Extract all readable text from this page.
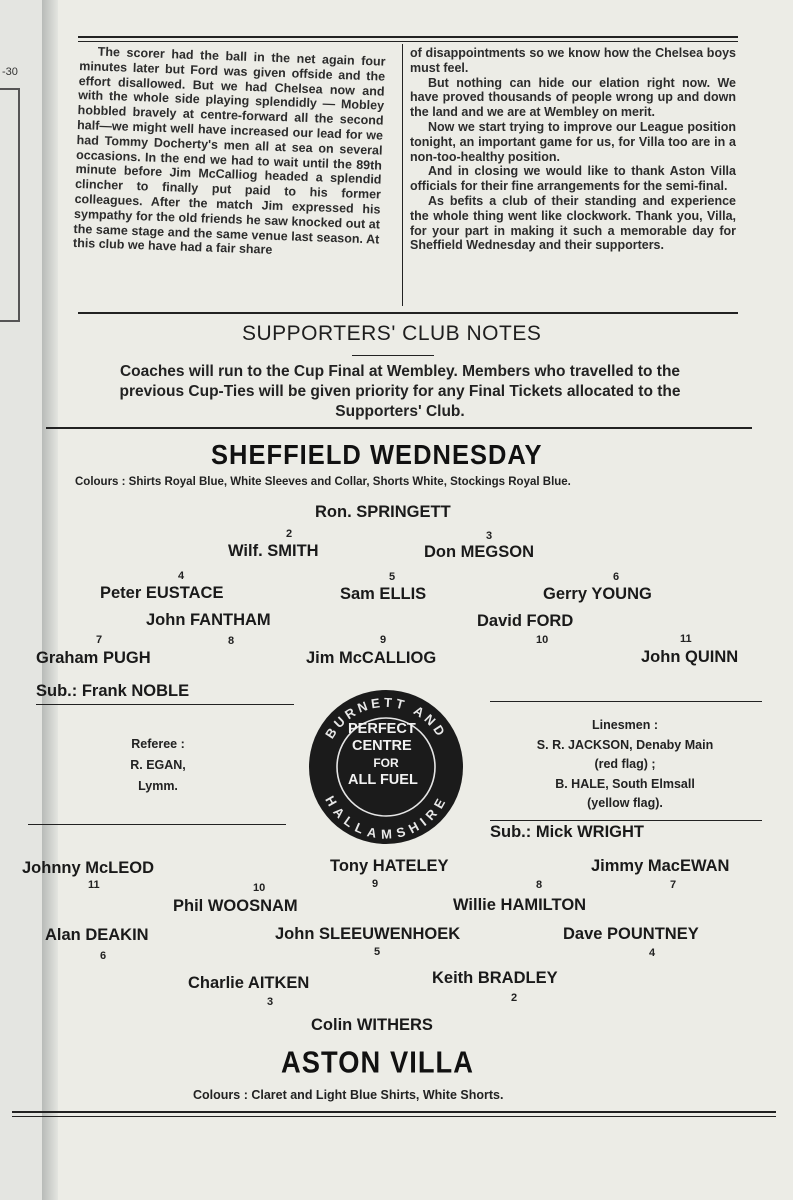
-30

The scorer had the ball in the net again four minutes later but Ford was given offside and the effort disallowed. But we had Chelsea now and with the whole side playing splendidly — Mobley hobbled bravely at centre-forward all the second half—we might well have increased our lead for we had Tommy Docherty's men all at sea on several occasions. In the end we had to wait until the 89th minute before Jim McCalliog headed a splendid clincher to finally put paid to his former colleagues. After the match Jim expressed his sympathy for the old friends he saw knocked out at the same stage and the same venue last season. At this club we have had a fair share

of disappointments so we know how the Chelsea boys must feel.

But nothing can hide our elation right now. We have proved thousands of people wrong up and down the land and we are at Wembley on merit.

Now we start trying to improve our League position tonight, an important game for us, for Villa too are in a non-too-healthy position.

And in closing we would like to thank Aston Villa officials for their fine arrangements for the semi-final.

As befits a club of their standing and experience the whole thing went like clockwork. Thank you, Villa, for your part in making it such a memorable day for Sheffield Wednesday and their supporters.

SUPPORTERS' CLUB NOTES
Coaches will run to the Cup Final at Wembley. Members who travelled to the
previous Cup-Ties will be given priority for any Final Tickets allocated to the
Supporters' Club.
SHEFFIELD WEDNESDAY
Colours : Shirts Royal Blue, White Sleeves and Collar, Shorts White, Stockings Royal Blue.
Ron. SPRINGETT
2
Wilf. SMITH
3
Don MEGSON
4
Peter EUSTACE
5
Sam ELLIS
6
Gerry YOUNG
John FANTHAM	David FORD
7	8	9	10	11
Graham PUGH	Jim McCALLIOG	John QUINN
Sub.: Frank NOBLE
Referee :
R. EGAN,
Lymm.
Linesmen :
S. R. JACKSON, Denaby Main
(red flag) ;
B. HALE, South Elmsall
(yellow flag).
BURNETT AND
HALLAMSHIRE
PERFECT
CENTRE
FOR
ALL FUEL
Sub.: Mick WRIGHT
Johnny McLEOD
11
Tony HATELEY
9
Jimmy MacEWAN
7
10
Phil WOOSNAM
8
Willie HAMILTON
Alan DEAKIN
6
John SLEEUWENHOEK
5
Dave POUNTNEY
4
Charlie AITKEN
3
Keith BRADLEY
2
Colin WITHERS
ASTON VILLA
Colours : Claret and Light Blue Shirts, White Shorts.
